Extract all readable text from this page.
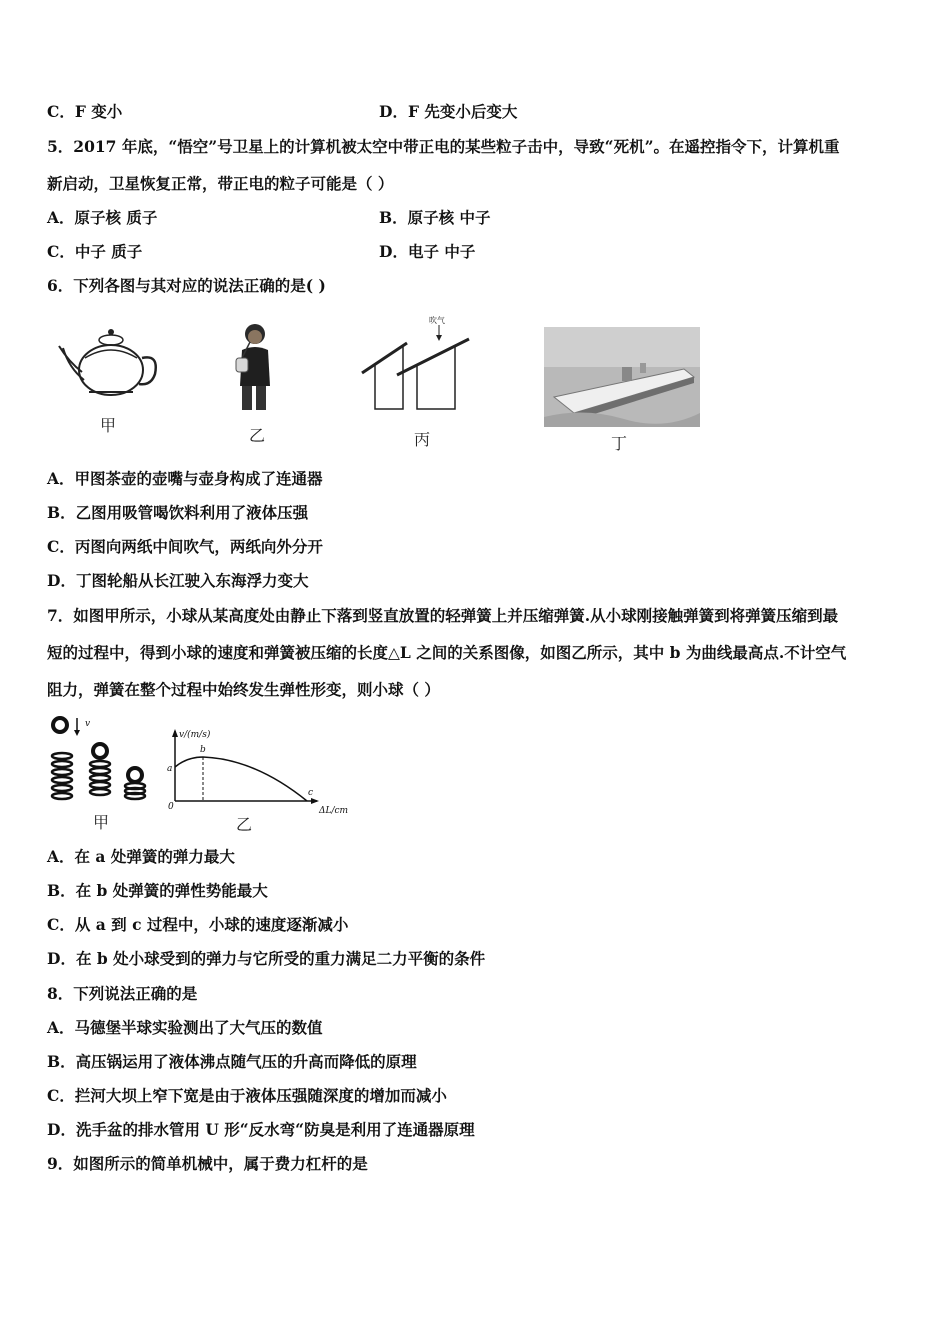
C．F 变小	D．F 先变小后变大
5．2017 年底，“悟空”号卫星上的计算机被太空中带正电的某些粒子击中，导致“死机”。在遥控指令下，计算机重
新启动，卫星恢复正常，带正电的粒子可能是（ ）
A．原子核 质子	B．原子核 中子
C．中子 质子	D．电子 中子
6．下列各图与其对应的说法正确的是( )
甲
乙
吹气
丙	丁
A．甲图茶壶的壶嘴与壶身构成了连通器
B．乙图用吸管喝饮料利用了液体压强
C．丙图向两纸中间吹气，两纸向外分开
D．丁图轮船从长江驶入东海浮力变大
7．如图甲所示，小球从某高度处由静止下落到竖直放置的轻弹簧上并压缩弹簧.从小球刚接触弹簧到将弹簧压缩到最
短的过程中，得到小球的速度和弹簧被压缩的长度△L 之间的关系图像，如图乙所示，其中 b 为曲线最高点.不计空气
阻力，弹簧在整个过程中始终发生弹性形变，则小球（ ）
v
甲
v/(m/s)
ΔL/cm
a
b
c
0
乙
A．在 a 处弹簧的弹力最大
B．在 b 处弹簧的弹性势能最大
C．从 a 到 c 过程中，小球的速度逐渐减小
D．在 b 处小球受到的弹力与它所受的重力满足二力平衡的条件
8．下列说法正确的是
A．马德堡半球实验测出了大气压的数值
B．高压锅运用了液体沸点随气压的升高而降低的原理
C．拦河大坝上窄下宽是由于液体压强随深度的增加而减小
D．洗手盆的排水管用 U 形“反水弯“防臭是利用了连通器原理
9．如图所示的简单机械中，属于费力杠杆的是
